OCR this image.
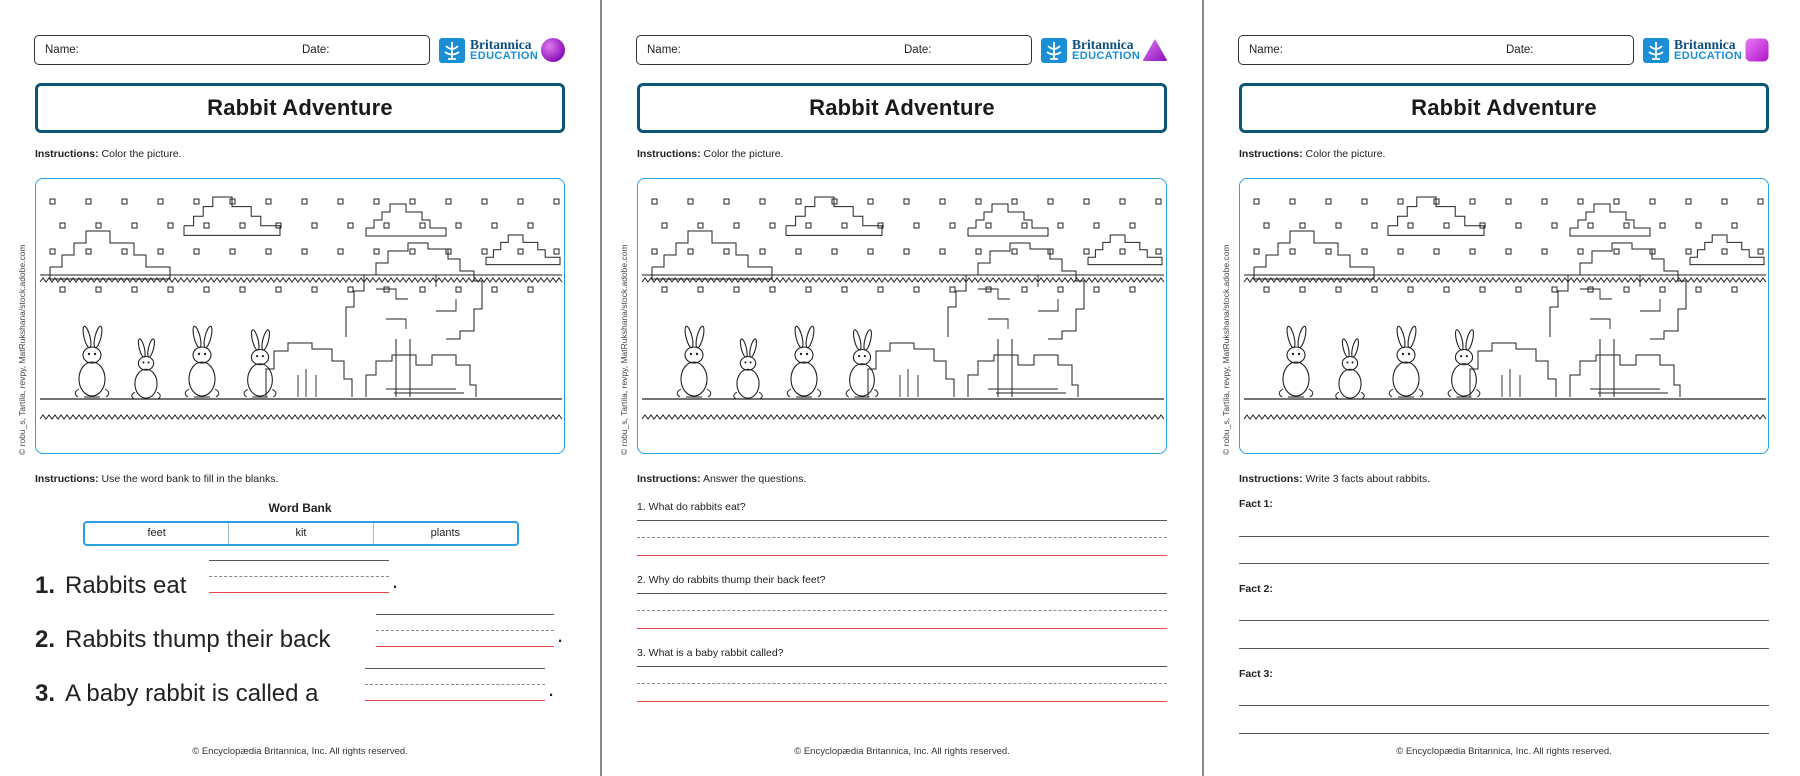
Name:	Date:	Britannica
EDUCATION
Rabbit Adventure
Instructions: Color the picture.
© robu_s, Tartila, revpy, MatRukshana/stock.adobe.com
Instructions: Use the word bank to fill in the blanks.
Word Bank
feet	kit	plants
1. Rabbits eat	.
2. Rabbits thump their back	.
3. A baby rabbit is called a	.
© Encyclopædia Britannica, Inc. All rights reserved.
Name:	Date:	Britannica
EDUCATION
Rabbit Adventure
Instructions: Color the picture.
© robu_s, Tartila, revpy, MatRukshana/stock.adobe.com
Instructions: Answer the questions.
1. What do rabbits eat?
2. Why do rabbits thump their back feet?
3. What is a baby rabbit called?
© Encyclopædia Britannica, Inc. All rights reserved.
Name:	Date:	Britannica
EDUCATION
Rabbit Adventure
Instructions: Color the picture.
© robu_s, Tartila, revpy, MatRukshana/stock.adobe.com
Instructions: Write 3 facts about rabbits.
Fact 1:
Fact 2:
Fact 3:
© Encyclopædia Britannica, Inc. All rights reserved.
